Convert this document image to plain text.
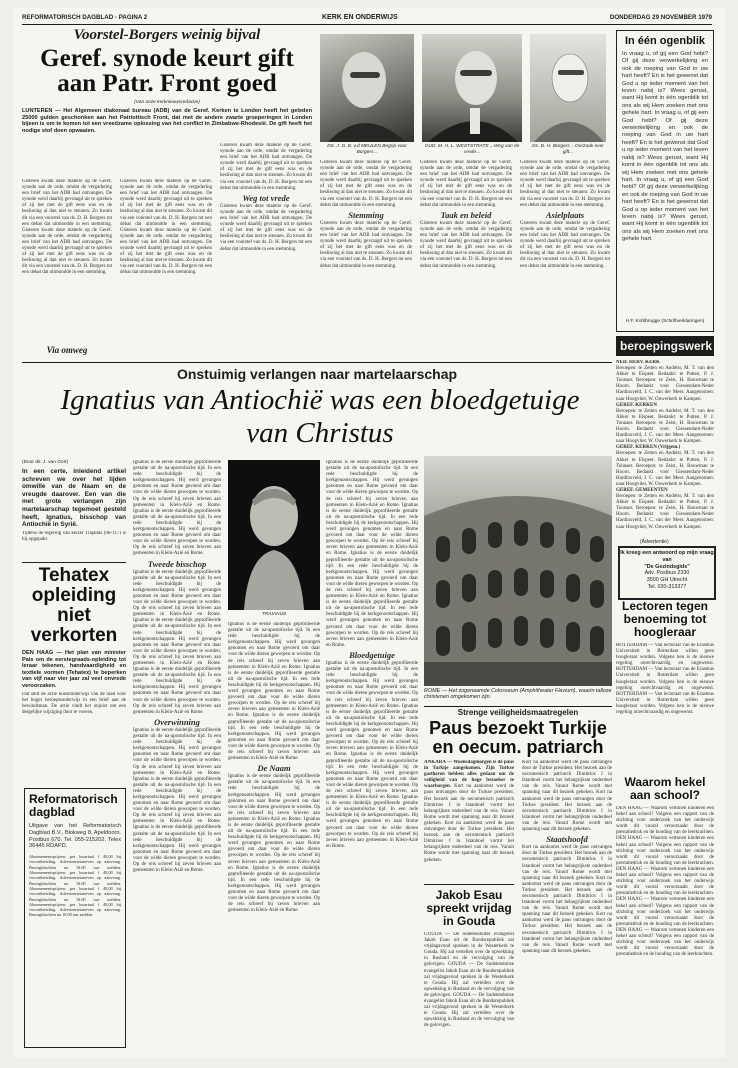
REFORMATORISCH DAGBLAD - PAGINA 2	KERK EN ONDERWIJS	DONDERDAG 29 NOVEMBER 1979
Voorstel-Borgers weinig bijval
Geref. synode keurt gift aan Patr. Front goed
(Van onze kerknieuwsredactie)
LUNTEREN — Het Algemeen diakonaal bureau (ADB) van de Geref. Kerken te Londen heeft het geleden 25000 gulden geschonken aan het Patriottisch Front, dat met de andere zwarte groeperingen in Londen bijeen is om te komen tot een vreedzame oplossing van het conflict in Zimbabwe-Rhodesië. De gift heeft het nodige stof doen opwaaien.
Gisteren kwam deze materie op de Geref. synode aan de orde, omdat de vergadering een brief van het ADB had ontvangen. De synode werd daarbij gevraagd uit te spreken of zij het met de gift eens was en de beslissing al dan niet te steunen. Zo kwam dit via een voorstel van ds. D. H. Borgers tot een debat dat uitmondde in een stemming. Gisteren kwam deze materie op de Geref. synode aan de orde, omdat de vergadering een brief van het ADB had ontvangen. De synode werd daarbij gevraagd uit te spreken of zij het met de gift eens was en de beslissing al dan niet te steunen. Zo kwam dit via een voorstel van ds. D. H. Borgers tot een debat dat uitmondde in een stemming.
Via omweg
Gisteren kwam deze materie op de Geref. synode aan de orde, omdat de vergadering een brief van het ADB had ontvangen. De synode werd daarbij gevraagd uit te spreken of zij het met de gift eens was en de beslissing al dan niet te steunen. Zo kwam dit via een voorstel van ds. D. H. Borgers tot een debat dat uitmondde in een stemming. Gisteren kwam deze materie op de Geref. synode aan de orde, omdat de vergadering een brief van het ADB had ontvangen. De synode werd daarbij gevraagd uit te spreken of zij het met de gift eens was en de beslissing al dan niet te steunen. Zo kwam dit via een voorstel van ds. D. H. Borgers tot een debat dat uitmondde in een stemming.
Gisteren kwam deze materie op de Geref. synode aan de orde, omdat de vergadering een brief van het ADB had ontvangen. De synode werd daarbij gevraagd uit te spreken of zij het met de gift eens was en de beslissing al dan niet te steunen. Zo kwam dit via een voorstel van ds. D. H. Borgers tot een debat dat uitmondde in een stemming.
Weg tot vrede
Gisteren kwam deze materie op de Geref. synode aan de orde, omdat de vergadering een brief van het ADB had ontvangen. De synode werd daarbij gevraagd uit te spreken of zij het met de gift eens was en de beslissing al dan niet te steunen. Zo kwam dit via een voorstel van ds. D. H. Borgers tot een debat dat uitmondde in een stemming.
DS. J. D. B. v.d MEULEN Begrip voor Borgers...
OUD. M. H. L. WESTSTRATE ...Weg van de vrede...
Ds. D. H. Borgers ...Oorzaak over gift...
Gisteren kwam deze materie op de Geref. synode aan de orde, omdat de vergadering een brief van het ADB had ontvangen. De synode werd daarbij gevraagd uit te spreken of zij het met de gift eens was en de beslissing al dan niet te steunen. Zo kwam dit via een voorstel van ds. D. H. Borgers tot een debat dat uitmondde in een stemming.
Stemming
Gisteren kwam deze materie op de Geref. synode aan de orde, omdat de vergadering een brief van het ADB had ontvangen. De synode werd daarbij gevraagd uit te spreken of zij het met de gift eens was en de beslissing al dan niet te steunen. Zo kwam dit via een voorstel van ds. D. H. Borgers tot een debat dat uitmondde in een stemming.
Gisteren kwam deze materie op de Geref. synode aan de orde, omdat de vergadering een brief van het ADB had ontvangen. De synode werd daarbij gevraagd uit te spreken of zij het met de gift eens was en de beslissing al dan niet te steunen. Zo kwam dit via een voorstel van ds. D. H. Borgers tot een debat dat uitmondde in een stemming.
Taak en beleid
Gisteren kwam deze materie op de Geref. synode aan de orde, omdat de vergadering een brief van het ADB had ontvangen. De synode werd daarbij gevraagd uit te spreken of zij het met de gift eens was en de beslissing al dan niet te steunen. Zo kwam dit via een voorstel van ds. D. H. Borgers tot een debat dat uitmondde in een stemming.
Gisteren kwam deze materie op de Geref. synode aan de orde, omdat de vergadering een brief van het ADB had ontvangen. De synode werd daarbij gevraagd uit te spreken of zij het met de gift eens was en de beslissing al dan niet te steunen. Zo kwam dit via een voorstel van ds. D. H. Borgers tot een debat dat uitmondde in een stemming.
Asielplaats
Gisteren kwam deze materie op de Geref. synode aan de orde, omdat de vergadering een brief van het ADB had ontvangen. De synode werd daarbij gevraagd uit te spreken of zij het met de gift eens was en de beslissing al dan niet te steunen. Zo kwam dit via een voorstel van ds. D. H. Borgers tot een debat dat uitmondde in een stemming.
In één ogenblik
In vraag u, of gij een God hebt? Of gij deze verwerkelijking en ook de roeping van God in uw hart heeft? En is het gewenst dat God u op ieder moment van het leven nabij is? Wees gerust, want Hij komt in één ogenblik tot ons als wij Hem zoeken met ons gehele hart. In vraag u, of gij een God hebt? Of gij deze verwerkelijking en ook de roeping van God in uw hart heeft? En is het gewenst dat God u op ieder moment van het leven nabij is? Wees gerust, want Hij komt in één ogenblik tot ons als wij Hem zoeken met ons gehele hart. In vraag u, of gij een God hebt? Of gij deze verwerkelijking en ook de roeping van God in uw hart heeft? En is het gewenst dat God u op ieder moment van het leven nabij is? Wees gerust, want Hij komt in één ogenblik tot ons als wij Hem zoeken met ons gehele hart.
H.F. Kohlbrugge (Schriftverklaringen)
beroepingswerk
NED. HERV. KERK
Beroepen: te Zetten en Andelst, M. T. van den Akker te Elspeet. Bedankt: te Putten, P. J. Tonnaer. Beroepen: te Zeist, H. Bouwman te Hoorn. Bedankt voor Giessendam-Neder Hardinxveld, J. C. van der Meer. Aangenomen: naar Hoogvliet, W. Ouwerkerk te Kampen.
GEREF. KERKEN
Beroepen: te Zetten en Andelst, M. T. van den Akker te Elspeet. Bedankt: te Putten, P. J. Tonnaer. Beroepen: te Zeist, H. Bouwman te Hoorn. Bedankt voor Giessendam-Neder Hardinxveld, J. C. van der Meer. Aangenomen: naar Hoogvliet, W. Ouwerkerk te Kampen.
GEREF. KERKEN (Vrijgem.)
Beroepen: te Zetten en Andelst, M. T. van den Akker te Elspeet. Bedankt: te Putten, P. J. Tonnaer. Beroepen: te Zeist, H. Bouwman te Hoorn. Bedankt voor Giessendam-Neder Hardinxveld, J. C. van der Meer. Aangenomen: naar Hoogvliet, W. Ouwerkerk te Kampen.
GEREF. GEMEENTEN
Beroepen: te Zetten en Andelst, M. T. van den Akker te Elspeet. Bedankt: te Putten, P. J. Tonnaer. Beroepen: te Zeist, H. Bouwman te Hoorn. Bedankt voor Giessendam-Neder Hardinxveld, J. C. van der Meer. Aangenomen: naar Hoogvliet, W. Ouwerkerk te Kampen.
(Advertentie)
Ik kreeg een antwoord op mijn vraag van
"De Gezindsgids"
Adv. Postbus 2330
3500 GH Utrecht
Tel. 030-313377
Lectoren tegen benoeming tot hoogleraar
ROTTERDAM — Van lectoraat van de Erasmus Universiteit in Rotterdam willen geen hoogleraar worden. Volgens hen is de nieuwe regeling onrechtvaardig en ongewenst. ROTTERDAM — Van lectoraat van de Erasmus Universiteit in Rotterdam willen geen hoogleraar worden. Volgens hen is de nieuwe regeling onrechtvaardig en ongewenst. ROTTERDAM — Van lectoraat van de Erasmus Universiteit in Rotterdam willen geen hoogleraar worden. Volgens hen is de nieuwe regeling onrechtvaardig en ongewenst.
Waarom hekel aan school?
DEN HAAG — Waarom vertonen kinderen een hekel aan school? Volgens een rapport van de stichting voor onderzoek van het onderwijs wordt dit vooral veroorzaakt door de prestatiedruk en de houding van de leerkrachten. DEN HAAG — Waarom vertonen kinderen een hekel aan school? Volgens een rapport van de stichting voor onderzoek van het onderwijs wordt dit vooral veroorzaakt door de prestatiedruk en de houding van de leerkrachten. DEN HAAG — Waarom vertonen kinderen een hekel aan school? Volgens een rapport van de stichting voor onderzoek van het onderwijs wordt dit vooral veroorzaakt door de prestatiedruk en de houding van de leerkrachten. DEN HAAG — Waarom vertonen kinderen een hekel aan school? Volgens een rapport van de stichting voor onderzoek van het onderwijs wordt dit vooral veroorzaakt door de prestatiedruk en de houding van de leerkrachten. DEN HAAG — Waarom vertonen kinderen een hekel aan school? Volgens een rapport van de stichting voor onderzoek van het onderwijs wordt dit vooral veroorzaakt door de prestatiedruk en de houding van de leerkrachten.
Onstuimig verlangen naar martelaarschap
Ignatius van Antiochië was een bloedgetuige van Christus
(Door ds. J. van Oort)
In een certe, inleidend artikel schreven we over het lijden omwille van de Naam en de vreugde daarover. Een van die met grote verlangen zijn martelaarschap tegemoet gesteld heeft, Ignatius, bisschop van Antiochië in Syrië.
Tijdens de regering van keizer Trajanus (98-117) is hij opgepakt.
Tehatex opleiding niet verkorten
DEN HAAG — Het plan van minister Pais om de eerstegraads-opleiding tot leraar tekenen, handvaardigheid en textiele vormen (Tehatex) te beperken van vijf naar vier jaar zal veel onvrede veroorzaken.
Dat stelt de actie kunstonderwijs van de raad voor het hoger beroepsonderwijs in een brief aan de bewindsman. De actie vindt het onjuist om een dergelijke wijziging door te voeren.
Reformatorisch dagblad
Uitgave van het Reformatorisch Dagblad B.V., Blokweg 8, Apeldoorn. Postbus 670. Tel. 055-215202. Telex 36445 RDAPD.
Abonnementsprijzen: per kwartaal f 40,00 bij vooruitbetaling. Advertentietarieven op aanvraag. Bezorgklachten na 18.00 uur melden. Abonnementsprijzen: per kwartaal f 40,00 bij vooruitbetaling. Advertentietarieven op aanvraag. Bezorgklachten na 18.00 uur melden. Abonnementsprijzen: per kwartaal f 40,00 bij vooruitbetaling. Advertentietarieven op aanvraag. Bezorgklachten na 18.00 uur melden. Abonnementsprijzen: per kwartaal f 40,00 bij vooruitbetaling. Advertentietarieven op aanvraag. Bezorgklachten na 18.00 uur melden.
Ignatius is de eerste duidelijk geprofileerde gestalte uit de na-apostolische tijd. In een rede beschuldigde hij de kerkgenootschappen. Hij werd gevangen genomen en naar Rome gevoerd om daar voor de wilde dieren geworpen te worden. Op de reis schreef hij zeven brieven aan gemeenten in Klein-Azië en Rome. Ignatius is de eerste duidelijk geprofileerde gestalte uit de na-apostolische tijd. In een rede beschuldigde hij de kerkgenootschappen. Hij werd gevangen genomen en naar Rome gevoerd om daar voor de wilde dieren geworpen te worden. Op de reis schreef hij zeven brieven aan gemeenten in Klein-Azië en Rome.
Tweede bisschop
Ignatius is de eerste duidelijk geprofileerde gestalte uit de na-apostolische tijd. In een rede beschuldigde hij de kerkgenootschappen. Hij werd gevangen genomen en naar Rome gevoerd om daar voor de wilde dieren geworpen te worden. Op de reis schreef hij zeven brieven aan gemeenten in Klein-Azië en Rome. Ignatius is de eerste duidelijk geprofileerde gestalte uit de na-apostolische tijd. In een rede beschuldigde hij de kerkgenootschappen. Hij werd gevangen genomen en naar Rome gevoerd om daar voor de wilde dieren geworpen te worden. Op de reis schreef hij zeven brieven aan gemeenten in Klein-Azië en Rome. Ignatius is de eerste duidelijk geprofileerde gestalte uit de na-apostolische tijd. In een rede beschuldigde hij de kerkgenootschappen. Hij werd gevangen genomen en naar Rome gevoerd om daar voor de wilde dieren geworpen te worden. Op de reis schreef hij zeven brieven aan gemeenten in Klein-Azië en Rome.
Overwinning
Ignatius is de eerste duidelijk geprofileerde gestalte uit de na-apostolische tijd. In een rede beschuldigde hij de kerkgenootschappen. Hij werd gevangen genomen en naar Rome gevoerd om daar voor de wilde dieren geworpen te worden. Op de reis schreef hij zeven brieven aan gemeenten in Klein-Azië en Rome. Ignatius is de eerste duidelijk geprofileerde gestalte uit de na-apostolische tijd. In een rede beschuldigde hij de kerkgenootschappen. Hij werd gevangen genomen en naar Rome gevoerd om daar voor de wilde dieren geworpen te worden. Op de reis schreef hij zeven brieven aan gemeenten in Klein-Azië en Rome. Ignatius is de eerste duidelijk geprofileerde gestalte uit de na-apostolische tijd. In een rede beschuldigde hij de kerkgenootschappen. Hij werd gevangen genomen en naar Rome gevoerd om daar voor de wilde dieren geworpen te worden. Op de reis schreef hij zeven brieven aan gemeenten in Klein-Azië en Rome.
TRAIANUS
Ignatius is de eerste duidelijk geprofileerde gestalte uit de na-apostolische tijd. In een rede beschuldigde hij de kerkgenootschappen. Hij werd gevangen genomen en naar Rome gevoerd om daar voor de wilde dieren geworpen te worden. Op de reis schreef hij zeven brieven aan gemeenten in Klein-Azië en Rome. Ignatius is de eerste duidelijk geprofileerde gestalte uit de na-apostolische tijd. In een rede beschuldigde hij de kerkgenootschappen. Hij werd gevangen genomen en naar Rome gevoerd om daar voor de wilde dieren geworpen te worden. Op de reis schreef hij zeven brieven aan gemeenten in Klein-Azië en Rome. Ignatius is de eerste duidelijk geprofileerde gestalte uit de na-apostolische tijd. In een rede beschuldigde hij de kerkgenootschappen. Hij werd gevangen genomen en naar Rome gevoerd om daar voor de wilde dieren geworpen te worden. Op de reis schreef hij zeven brieven aan gemeenten in Klein-Azië en Rome.
De Naam
Ignatius is de eerste duidelijk geprofileerde gestalte uit de na-apostolische tijd. In een rede beschuldigde hij de kerkgenootschappen. Hij werd gevangen genomen en naar Rome gevoerd om daar voor de wilde dieren geworpen te worden. Op de reis schreef hij zeven brieven aan gemeenten in Klein-Azië en Rome. Ignatius is de eerste duidelijk geprofileerde gestalte uit de na-apostolische tijd. In een rede beschuldigde hij de kerkgenootschappen. Hij werd gevangen genomen en naar Rome gevoerd om daar voor de wilde dieren geworpen te worden. Op de reis schreef hij zeven brieven aan gemeenten in Klein-Azië en Rome. Ignatius is de eerste duidelijk geprofileerde gestalte uit de na-apostolische tijd. In een rede beschuldigde hij de kerkgenootschappen. Hij werd gevangen genomen en naar Rome gevoerd om daar voor de wilde dieren geworpen te worden. Op de reis schreef hij zeven brieven aan gemeenten in Klein-Azië en Rome.
Ignatius is de eerste duidelijk geprofileerde gestalte uit de na-apostolische tijd. In een rede beschuldigde hij de kerkgenootschappen. Hij werd gevangen genomen en naar Rome gevoerd om daar voor de wilde dieren geworpen te worden. Op de reis schreef hij zeven brieven aan gemeenten in Klein-Azië en Rome. Ignatius is de eerste duidelijk geprofileerde gestalte uit de na-apostolische tijd. In een rede beschuldigde hij de kerkgenootschappen. Hij werd gevangen genomen en naar Rome gevoerd om daar voor de wilde dieren geworpen te worden. Op de reis schreef hij zeven brieven aan gemeenten in Klein-Azië en Rome. Ignatius is de eerste duidelijk geprofileerde gestalte uit de na-apostolische tijd. In een rede beschuldigde hij de kerkgenootschappen. Hij werd gevangen genomen en naar Rome gevoerd om daar voor de wilde dieren geworpen te worden. Op de reis schreef hij zeven brieven aan gemeenten in Klein-Azië en Rome. Ignatius is de eerste duidelijk geprofileerde gestalte uit de na-apostolische tijd. In een rede beschuldigde hij de kerkgenootschappen. Hij werd gevangen genomen en naar Rome gevoerd om daar voor de wilde dieren geworpen te worden. Op de reis schreef hij zeven brieven aan gemeenten in Klein-Azië en Rome.
Bloedgetuige
Ignatius is de eerste duidelijk geprofileerde gestalte uit de na-apostolische tijd. In een rede beschuldigde hij de kerkgenootschappen. Hij werd gevangen genomen en naar Rome gevoerd om daar voor de wilde dieren geworpen te worden. Op de reis schreef hij zeven brieven aan gemeenten in Klein-Azië en Rome. Ignatius is de eerste duidelijk geprofileerde gestalte uit de na-apostolische tijd. In een rede beschuldigde hij de kerkgenootschappen. Hij werd gevangen genomen en naar Rome gevoerd om daar voor de wilde dieren geworpen te worden. Op de reis schreef hij zeven brieven aan gemeenten in Klein-Azië en Rome. Ignatius is de eerste duidelijk geprofileerde gestalte uit de na-apostolische tijd. In een rede beschuldigde hij de kerkgenootschappen. Hij werd gevangen genomen en naar Rome gevoerd om daar voor de wilde dieren geworpen te worden. Op de reis schreef hij zeven brieven aan gemeenten in Klein-Azië en Rome. Ignatius is de eerste duidelijk geprofileerde gestalte uit de na-apostolische tijd. In een rede beschuldigde hij de kerkgenootschappen. Hij werd gevangen genomen en naar Rome gevoerd om daar voor de wilde dieren geworpen te worden. Op de reis schreef hij zeven brieven aan gemeenten in Klein-Azië en Rome.
ROME — Het zogenaamde Colosseum (Amphitheater Flavium), waarin talloze christenen omgekomen zijn.
Strenge veiligheidsmaatregelen
Paus bezoekt Turkije en oecum. patriarch
ANKARA — Woensdagmorgen is de paus in Turkije aangekomen. Zijn Turkse gastheren hebben alles gedaan om de veiligheid van de hoge bezoeker te waarborgen. Kort na aankomst werd de paus ontvangen door de Turkse president. Het bezoek aan de oecumenisch patriarch Dimitrios I in Istanboel vormt het belangrijkste onderdeel van de reis. Vanuit Rome wordt met spanning naar dit bezoek gekeken. Kort na aankomst werd de paus ontvangen door de Turkse president. Het bezoek aan de oecumenisch patriarch Dimitrios I in Istanboel vormt het belangrijkste onderdeel van de reis. Vanuit Rome wordt met spanning naar dit bezoek gekeken.
Kort na aankomst werd de paus ontvangen door de Turkse president. Het bezoek aan de oecumenisch patriarch Dimitrios I in Istanboel vormt het belangrijkste onderdeel van de reis. Vanuit Rome wordt met spanning naar dit bezoek gekeken. Kort na aankomst werd de paus ontvangen door de Turkse president. Het bezoek aan de oecumenisch patriarch Dimitrios I in Istanboel vormt het belangrijkste onderdeel van de reis. Vanuit Rome wordt met spanning naar dit bezoek gekeken.
Staatshoofd
Kort na aankomst werd de paus ontvangen door de Turkse president. Het bezoek aan de oecumenisch patriarch Dimitrios I in Istanboel vormt het belangrijkste onderdeel van de reis. Vanuit Rome wordt met spanning naar dit bezoek gekeken. Kort na aankomst werd de paus ontvangen door de Turkse president. Het bezoek aan de oecumenisch patriarch Dimitrios I in Istanboel vormt het belangrijkste onderdeel van de reis. Vanuit Rome wordt met spanning naar dit bezoek gekeken. Kort na aankomst werd de paus ontvangen door de Turkse president. Het bezoek aan de oecumenisch patriarch Dimitrios I in Istanboel vormt het belangrijkste onderdeel van de reis. Vanuit Rome wordt met spanning naar dit bezoek gekeken.
Jakob Esau spreekt vrijdag in Gouda
GOUDA — De Sudetenduitse evangelist Jakob Esau uit de Bondsrepubliek zal vrijdagavond spreken in de Westerkerk te Gouda. Hij zal vertellen over de opwekking in Rusland en de vervolging van de gelovigen. GOUDA — De Sudetenduitse evangelist Jakob Esau uit de Bondsrepubliek zal vrijdagavond spreken in de Westerkerk te Gouda. Hij zal vertellen over de opwekking in Rusland en de vervolging van de gelovigen. GOUDA — De Sudetenduitse evangelist Jakob Esau uit de Bondsrepubliek zal vrijdagavond spreken in de Westerkerk te Gouda. Hij zal vertellen over de opwekking in Rusland en de vervolging van de gelovigen.
